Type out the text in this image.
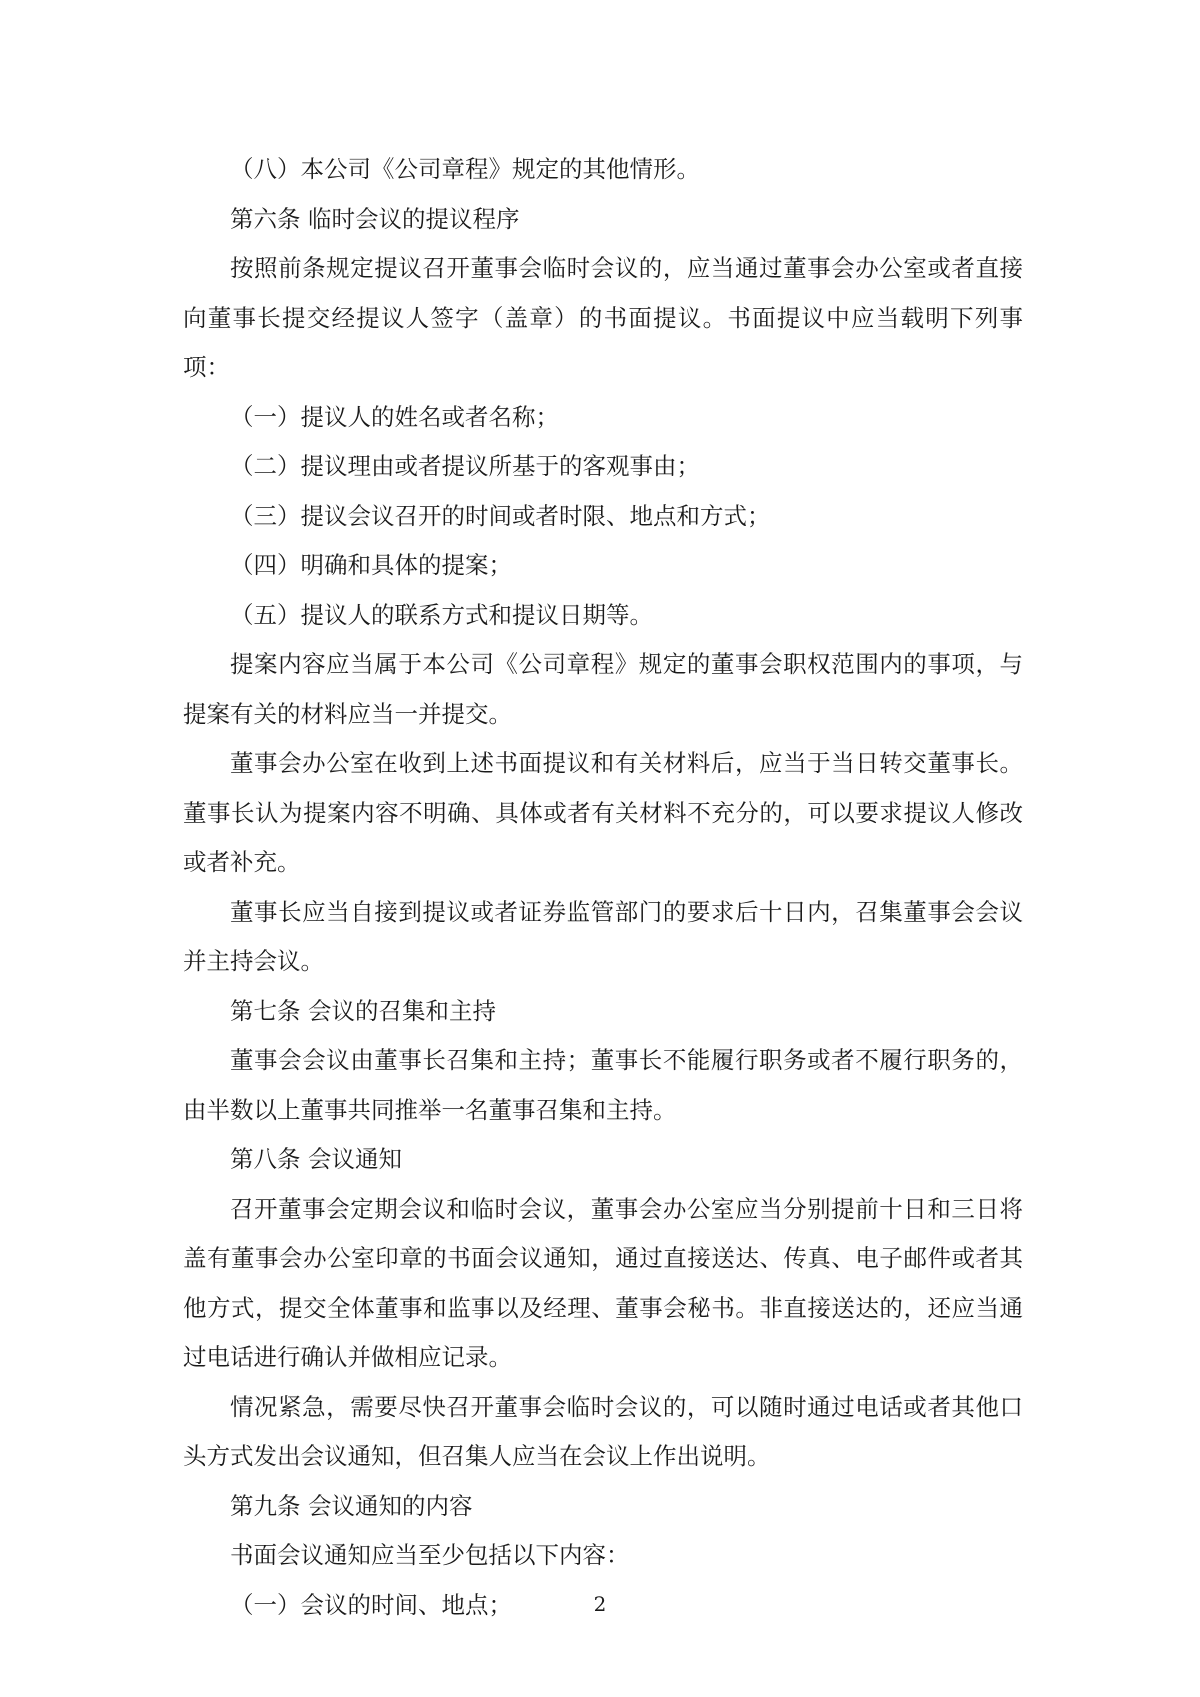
（八）本公司《公司章程》规定的其他情形。

第六条 临时会议的提议程序

按照前条规定提议召开董事会临时会议的，应当通过董事会办公室或者直接向董事长提交经提议人签字（盖章）的书面提议。书面提议中应当载明下列事项：

（一）提议人的姓名或者名称；

（二）提议理由或者提议所基于的客观事由；

（三）提议会议召开的时间或者时限、地点和方式；

（四）明确和具体的提案；

（五）提议人的联系方式和提议日期等。

提案内容应当属于本公司《公司章程》规定的董事会职权范围内的事项，与提案有关的材料应当一并提交。

董事会办公室在收到上述书面提议和有关材料后，应当于当日转交董事长。董事长认为提案内容不明确、具体或者有关材料不充分的，可以要求提议人修改或者补充。

董事长应当自接到提议或者证券监管部门的要求后十日内，召集董事会会议并主持会议。

第七条 会议的召集和主持

董事会会议由董事长召集和主持；董事长不能履行职务或者不履行职务的，由半数以上董事共同推举一名董事召集和主持。

第八条 会议通知

召开董事会定期会议和临时会议，董事会办公室应当分别提前十日和三日将盖有董事会办公室印章的书面会议通知，通过直接送达、传真、电子邮件或者其他方式，提交全体董事和监事以及经理、董事会秘书。非直接送达的，还应当通过电话进行确认并做相应记录。

情况紧急，需要尽快召开董事会临时会议的，可以随时通过电话或者其他口头方式发出会议通知，但召集人应当在会议上作出说明。

第九条 会议通知的内容

书面会议通知应当至少包括以下内容：

（一）会议的时间、地点；	2
